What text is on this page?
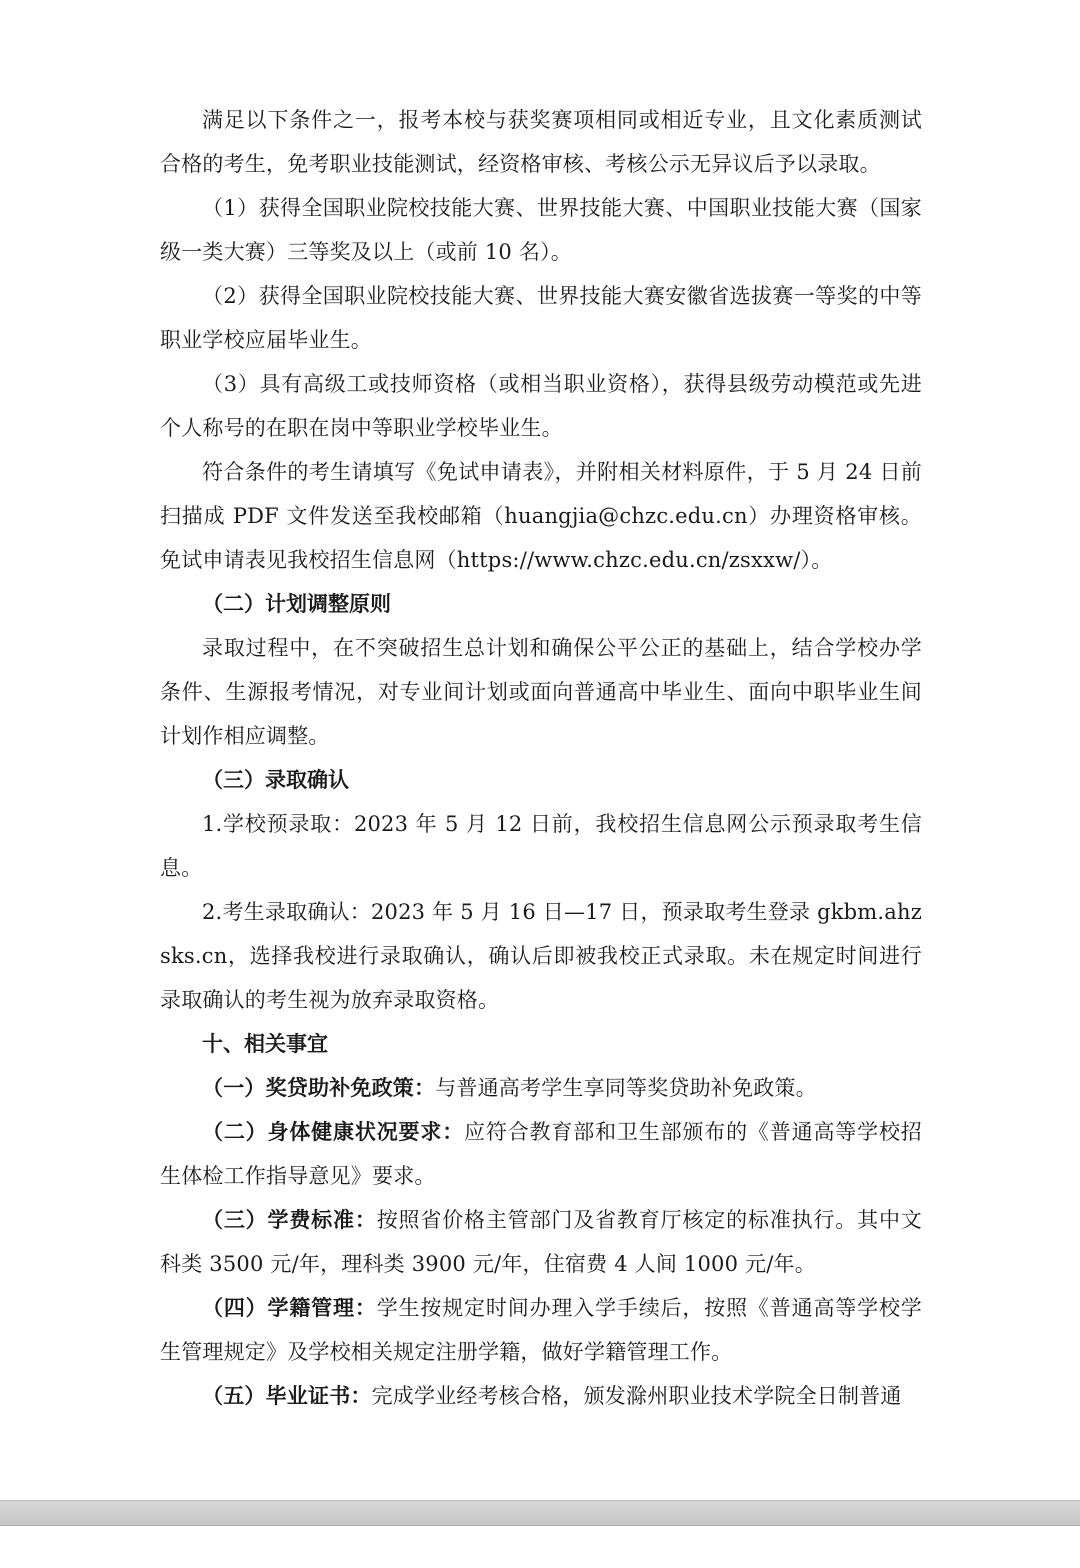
满足以下条件之一，报考本校与获奖赛项相同或相近专业，且文化素质测试合格的考生，免考职业技能测试，经资格审核、考核公示无异议后予以录取。

（1）获得全国职业院校技能大赛、世界技能大赛、中国职业技能大赛（国家级一类大赛）三等奖及以上（或前 10 名）。

（2）获得全国职业院校技能大赛、世界技能大赛安徽省选拔赛一等奖的中等职业学校应届毕业生。

（3）具有高级工或技师资格（或相当职业资格），获得县级劳动模范或先进个人称号的在职在岗中等职业学校毕业生。

符合条件的考生请填写《免试申请表》，并附相关材料原件，于 5 月 24 日前扫描成 PDF 文件发送至我校邮箱（huangjia@chzc.edu.cn）办理资格审核。免试申请表见我校招生信息网（https://www.chzc.edu.cn/zsxxw/）。

（二）计划调整原则

录取过程中，在不突破招生总计划和确保公平公正的基础上，结合学校办学条件、生源报考情况，对专业间计划或面向普通高中毕业生、面向中职毕业生间计划作相应调整。

（三）录取确认

1.学校预录取：2023 年 5 月 12 日前，我校招生信息网公示预录取考生信息。

2.考生录取确认：2023 年 5 月 16 日—17 日，预录取考生登录 gkbm.ahzsks.cn，选择我校进行录取确认，确认后即被我校正式录取。未在规定时间进行录取确认的考生视为放弃录取资格。

十、相关事宜

（一）奖贷助补免政策：与普通高考学生享同等奖贷助补免政策。

（二）身体健康状况要求：应符合教育部和卫生部颁布的《普通高等学校招生体检工作指导意见》要求。

（三）学费标准：按照省价格主管部门及省教育厅核定的标准执行。其中文科类 3500 元/年，理科类 3900 元/年，住宿费 4 人间 1000 元/年。

（四）学籍管理：学生按规定时间办理入学手续后，按照《普通高等学校学生管理规定》及学校相关规定注册学籍，做好学籍管理工作。

（五）毕业证书：完成学业经考核合格，颁发滁州职业技术学院全日制普通
